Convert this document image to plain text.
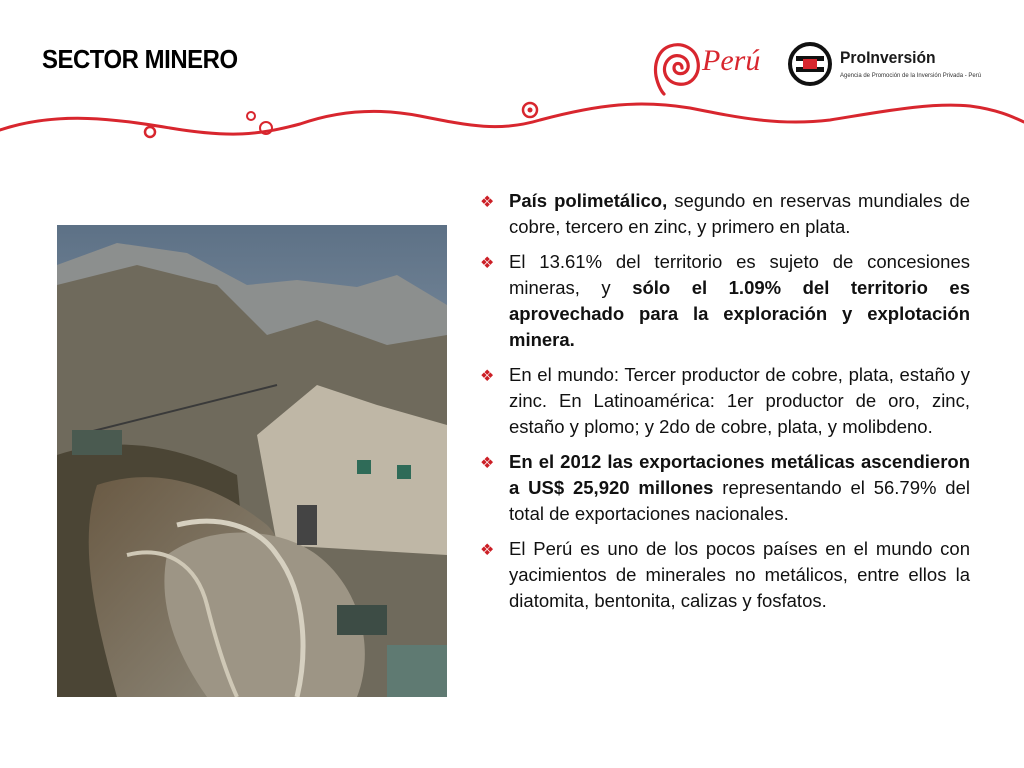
SECTOR MINERO	Perú	ProInversión
Agencia de Promoción de la Inversión Privada - Perú
❖ País polimetálico, segundo en reservas mundiales de cobre, tercero en zinc, y primero en plata.
❖ El 13.61% del territorio es sujeto de concesiones mineras, y sólo el 1.09% del territorio es aprovechado para la exploración y explotación minera.
❖ En el mundo: Tercer productor de cobre, plata, estaño y zinc. En Latinoamérica: 1er productor de oro, zinc, estaño y plomo; y 2do de cobre, plata, y molibdeno.
❖ En el 2012 las exportaciones metálicas ascendieron a US$ 25,920 millones representando el 56.79% del total de exportaciones nacionales.
❖ El Perú es uno de los pocos países en el mundo con yacimientos de minerales no metálicos, entre ellos la diatomita, bentonita, calizas y fosfatos.
